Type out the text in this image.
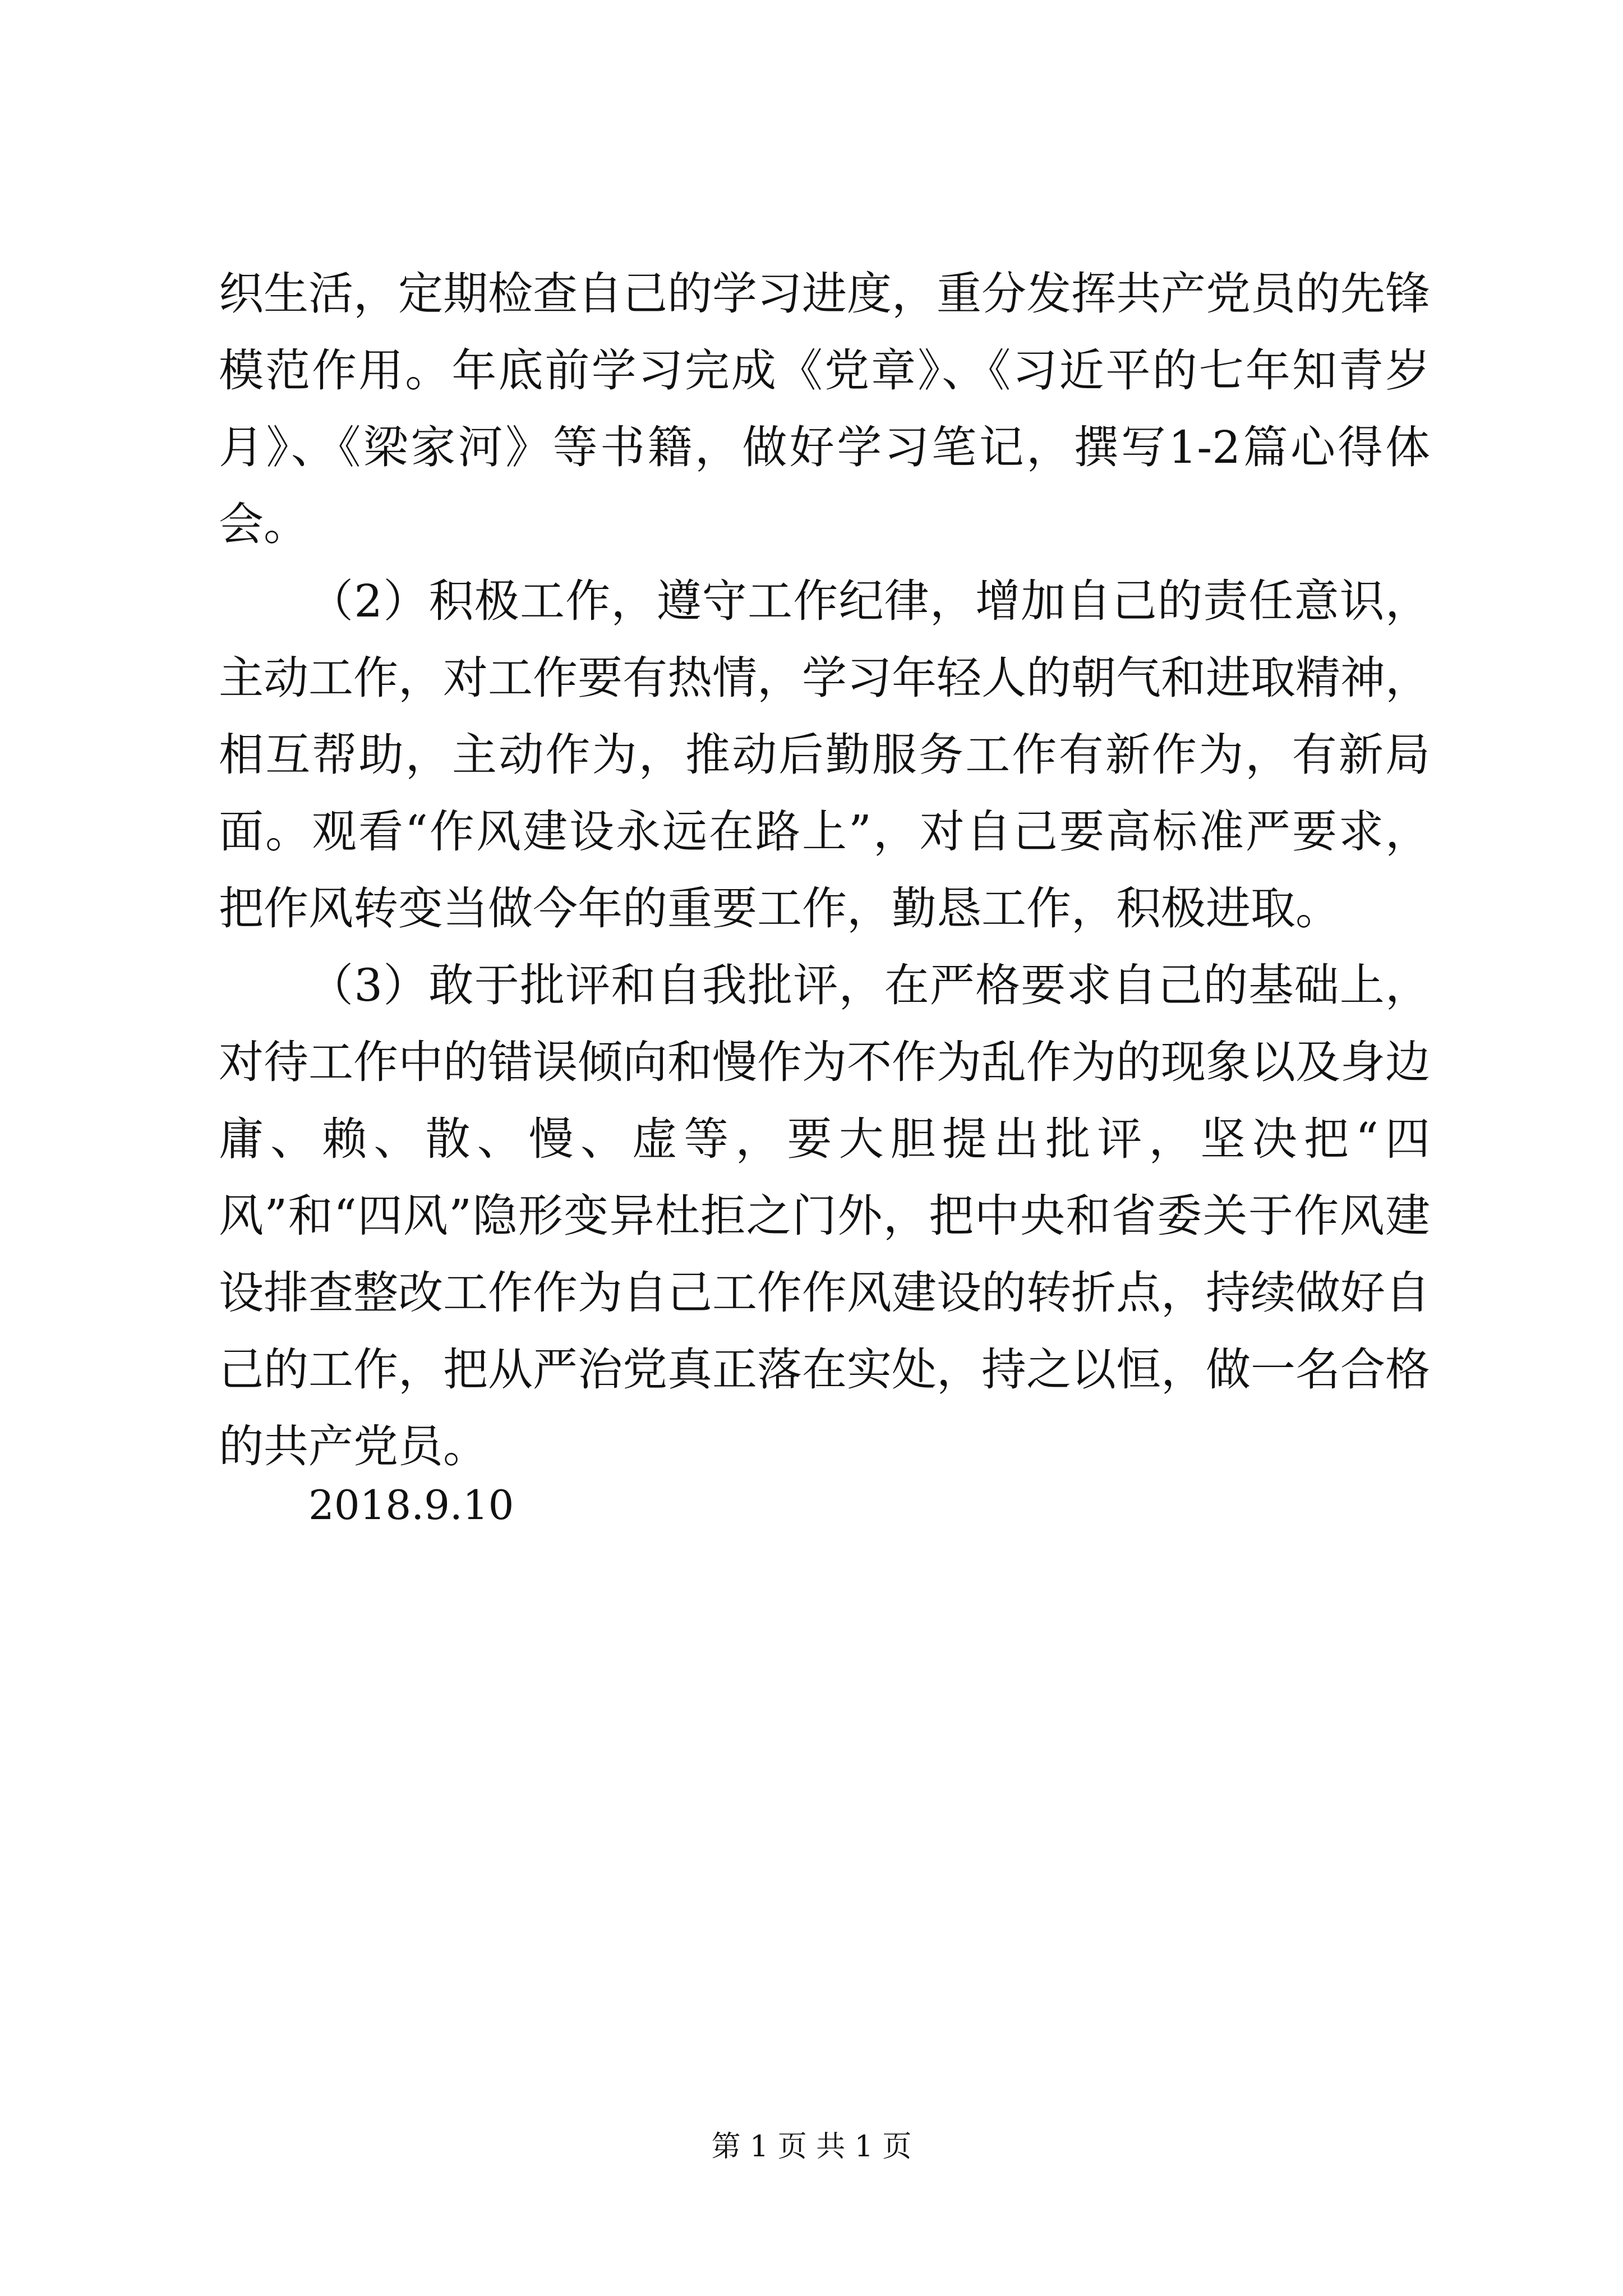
织生活，定期检查自己的学习进度，重分发挥共产党员的先锋模范作用。年底前学习完成《党章》、《习近平的七年知青岁月》、《梁家河》等书籍，做好学习笔记，撰写1-2篇心得体会。

（2）积极工作，遵守工作纪律，增加自己的责任意识，主动工作，对工作要有热情，学习年轻人的朝气和进取精神，相互帮助，主动作为，推动后勤服务工作有新作为，有新局面。观看“作风建设永远在路上”，对自己要高标准严要求，把作风转变当做今年的重要工作，勤恳工作，积极进取。

（3）敢于批评和自我批评，在严格要求自己的基础上，对待工作中的错误倾向和慢作为不作为乱作为的现象以及身边庸、赖、散、慢、虚等，要大胆提出批评，坚决把“四风”和“四风”隐形变异杜拒之门外，把中央和省委关于作风建设排查整改工作作为自己工作作风建设的转折点，持续做好自己的工作，把从严治党真正落在实处，持之以恒，做一名合格的共产党员。

2018.9.10
第 1 页 共 1 页
